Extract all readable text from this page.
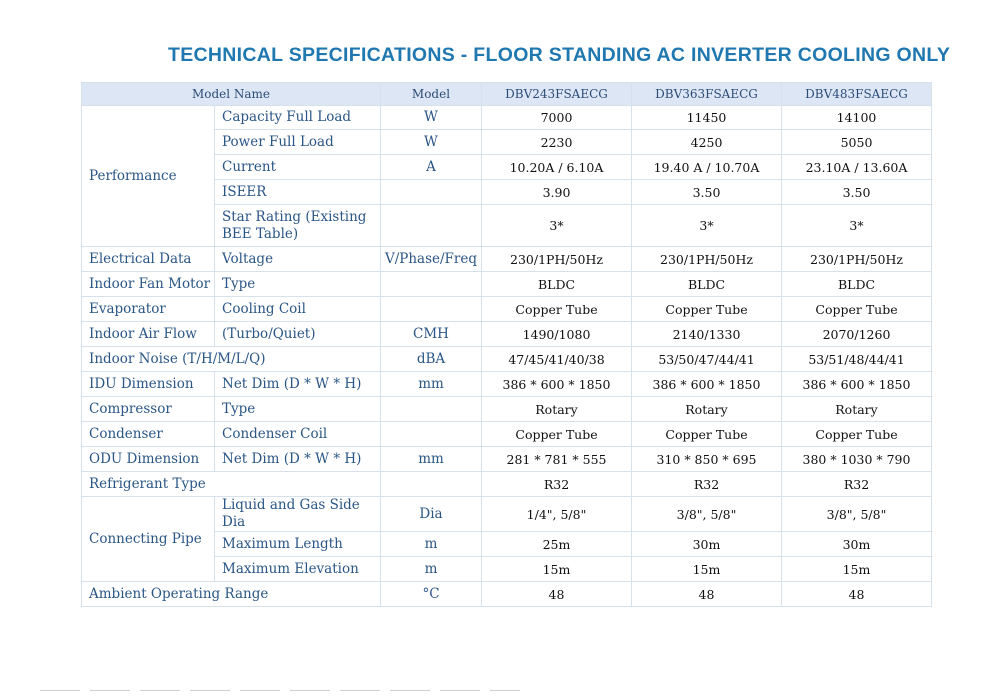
TECHNICAL SPECIFICATIONS - FLOOR STANDING AC INVERTER COOLING ONLY
Model Name		Model	DBV243FSAECG	DBV363FSAECG	DBV483FSAECG
Performance	Capacity Full Load	W	7000	11450	14100
	Power Full Load	W	2230	4250	5050
	Current	A	10.20A / 6.10A	19.40 A / 10.70A	23.10A / 13.60A
	ISEER		3.90	3.50	3.50
	Star Rating (Existing BEE Table)		3*	3*	3*
Electrical Data	Voltage	V/Phase/Freq	230/1PH/50Hz	230/1PH/50Hz	230/1PH/50Hz
Indoor Fan Motor	Type		BLDC	BLDC	BLDC
Evaporator	Cooling Coil		Copper Tube	Copper Tube	Copper Tube
Indoor Air Flow	(Turbo/Quiet)	CMH	1490/1080	2140/1330	2070/1260
Indoor Noise (T/H/M/L/Q)		dBA	47/45/41/40/38	53/50/47/44/41	53/51/48/44/41
IDU Dimension	Net Dim (D * W * H)	mm	386 * 600 * 1850	386 * 600 * 1850	386 * 600 * 1850
Compressor	Type		Rotary	Rotary	Rotary
Condenser	Condenser Coil		Copper Tube	Copper Tube	Copper Tube
ODU Dimension	Net Dim (D * W * H)	mm	281 * 781 * 555	310 * 850 * 695	380 * 1030 * 790
Refrigerant Type			R32	R32	R32
Connecting Pipe	Liquid and Gas Side Dia	Dia	1/4", 5/8"	3/8", 5/8"	3/8", 5/8"
	Maximum Length	m	25m	30m	30m
	Maximum Elevation	m	15m	15m	15m
Ambient Operating Range		°C	48	48	48
